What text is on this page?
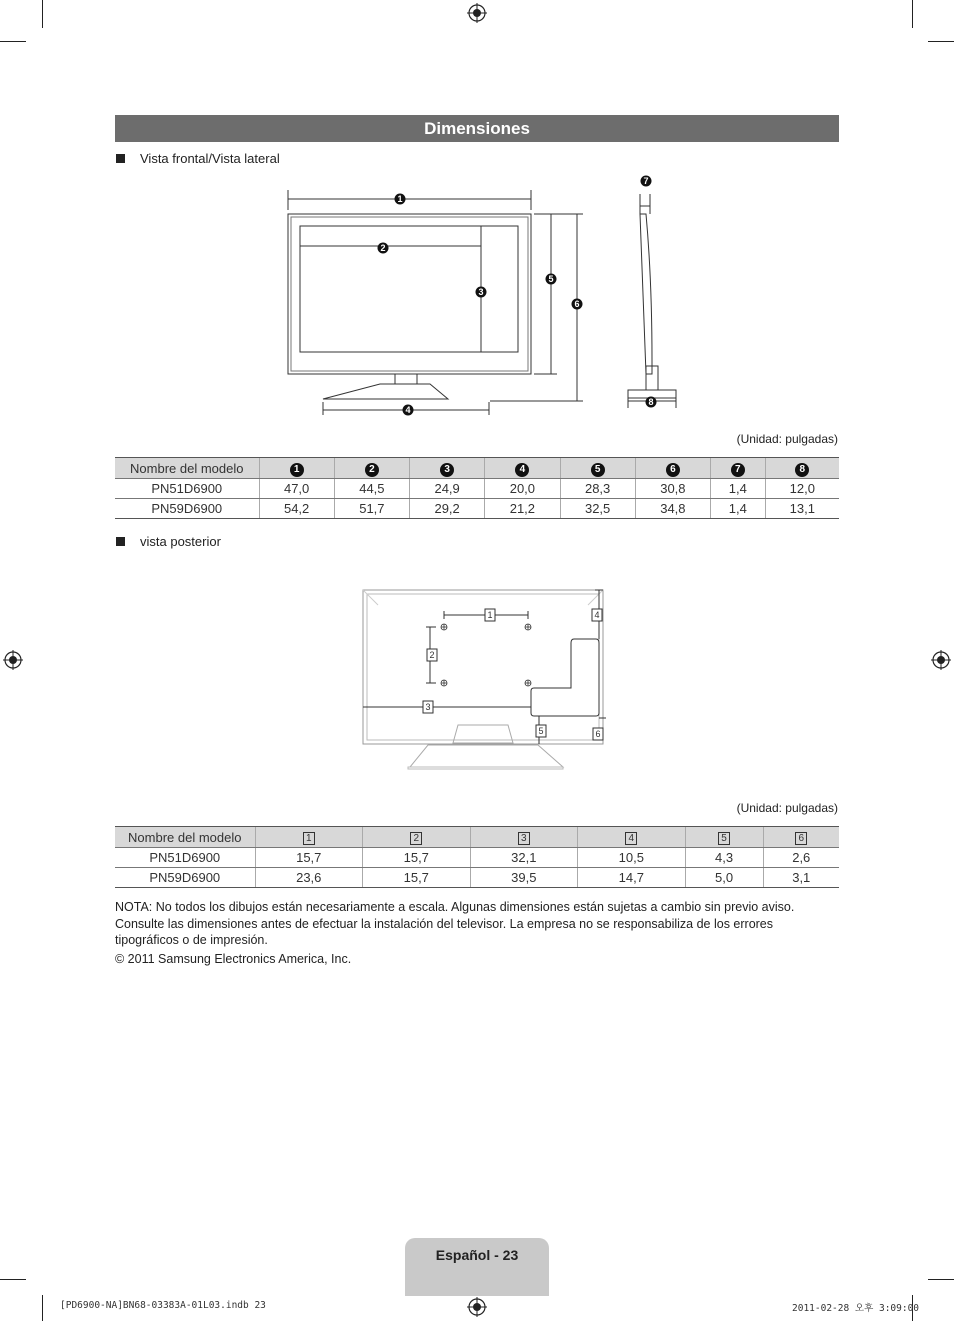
Dimensiones
Vista frontal/Vista lateral
1
2
3
4
5
6
7
8
(Unidad: pulgadas)
Nombre del modelo	1	2	3	4	5	6	7	8
PN51D6900	47,0	44,5	24,9	20,0	28,3	30,8	1,4	12,0
PN59D6900	54,2	51,7	29,2	21,2	32,5	34,8	1,4	13,1
vista posterior
1
2
3
4
5	6
(Unidad: pulgadas)
Nombre del modelo	1	2	3	4	5	6
PN51D6900	15,7	15,7	32,1	10,5	4,3	2,6
PN59D6900	23,6	15,7	39,5	14,7	5,0	3,1
NOTA: No todos los dibujos están necesariamente a escala. Algunas dimensiones están sujetas a cambio sin previo aviso. Consulte las dimensiones antes de efectuar la instalación del televisor. La empresa no se responsabiliza de los errores tipográficos o de impresión.
© 2011 Samsung Electronics America, Inc.
Español - 23
[PD6900-NA]BN68-03383A-01L03.indb 23	2011-02-28 오후 3:09:00
